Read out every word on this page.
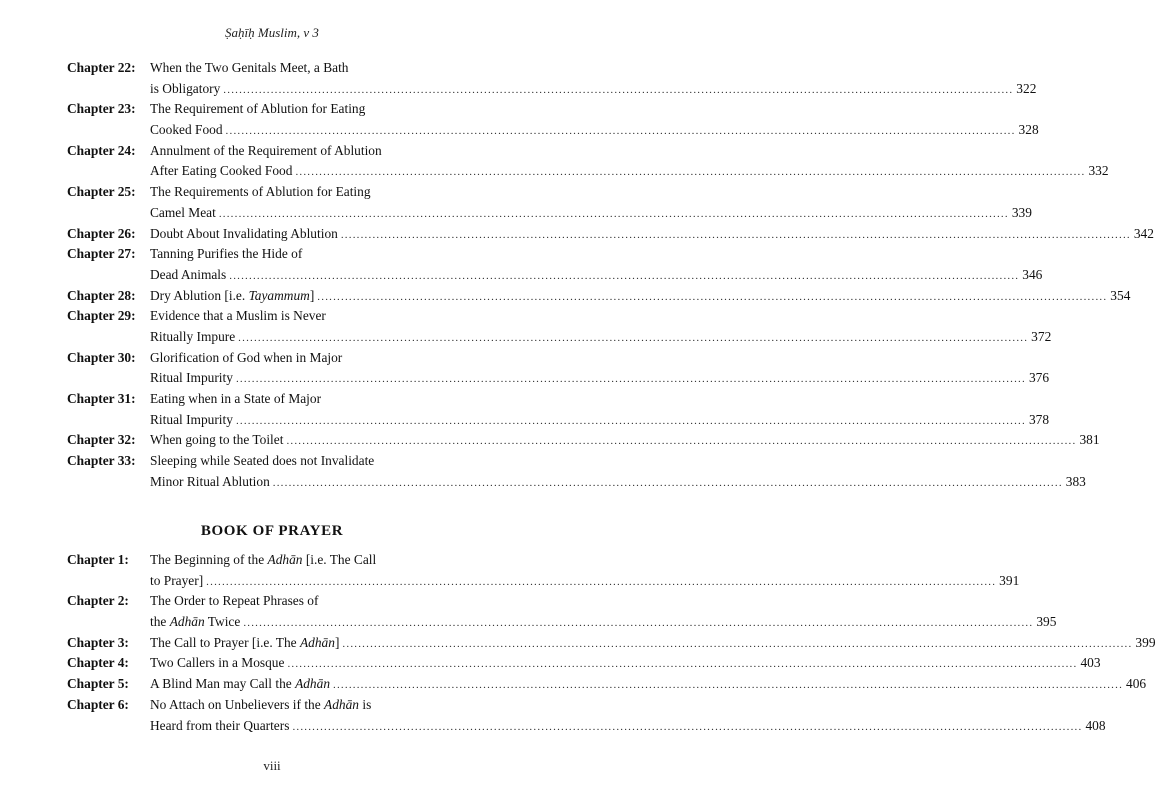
Ṣaḥīḥ Muslim, v 3
Chapter 22:	When the Two Genitals Meet, a Bath
is Obligatory ........................................................................................................................................................................................................ 322
Chapter 23:	The Requirement of Ablution for Eating
Cooked Food ........................................................................................................................................................................................................ 328
Chapter 24:	Annulment of the Requirement of Ablution
After Eating Cooked Food ........................................................................................................................................................................................................ 332
Chapter 25:	The Requirements of Ablution for Eating
Camel Meat ........................................................................................................................................................................................................ 339
Chapter 26:	Doubt About Invalidating Ablution ........................................................................................................................................................................................................ 342
Chapter 27:	Tanning Purifies the Hide of
Dead Animals ........................................................................................................................................................................................................ 346
Chapter 28:	Dry Ablution [i.e. Tayammum] ........................................................................................................................................................................................................ 354
Chapter 29:	Evidence that a Muslim is Never
Ritually Impure ........................................................................................................................................................................................................ 372
Chapter 30:	Glorification of God when in Major
Ritual Impurity ........................................................................................................................................................................................................ 376
Chapter 31:	Eating when in a State of Major
Ritual Impurity ........................................................................................................................................................................................................ 378
Chapter 32:	When going to the Toilet ........................................................................................................................................................................................................ 381
Chapter 33:	Sleeping while Seated does not Invalidate
Minor Ritual Ablution ........................................................................................................................................................................................................ 383
BOOK OF PRAYER
Chapter 1:	The Beginning of the Adhān [i.e. The Call
to Prayer] ........................................................................................................................................................................................................ 391
Chapter 2:	The Order to Repeat Phrases of
the Adhān Twice ........................................................................................................................................................................................................ 395
Chapter 3:	The Call to Prayer [i.e. The Adhān] ........................................................................................................................................................................................................ 399
Chapter 4:	Two Callers in a Mosque ........................................................................................................................................................................................................ 403
Chapter 5:	A Blind Man may Call the Adhān ........................................................................................................................................................................................................ 406
Chapter 6:	No Attach on Unbelievers if the Adhān is
Heard from their Quarters ........................................................................................................................................................................................................ 408
viii
